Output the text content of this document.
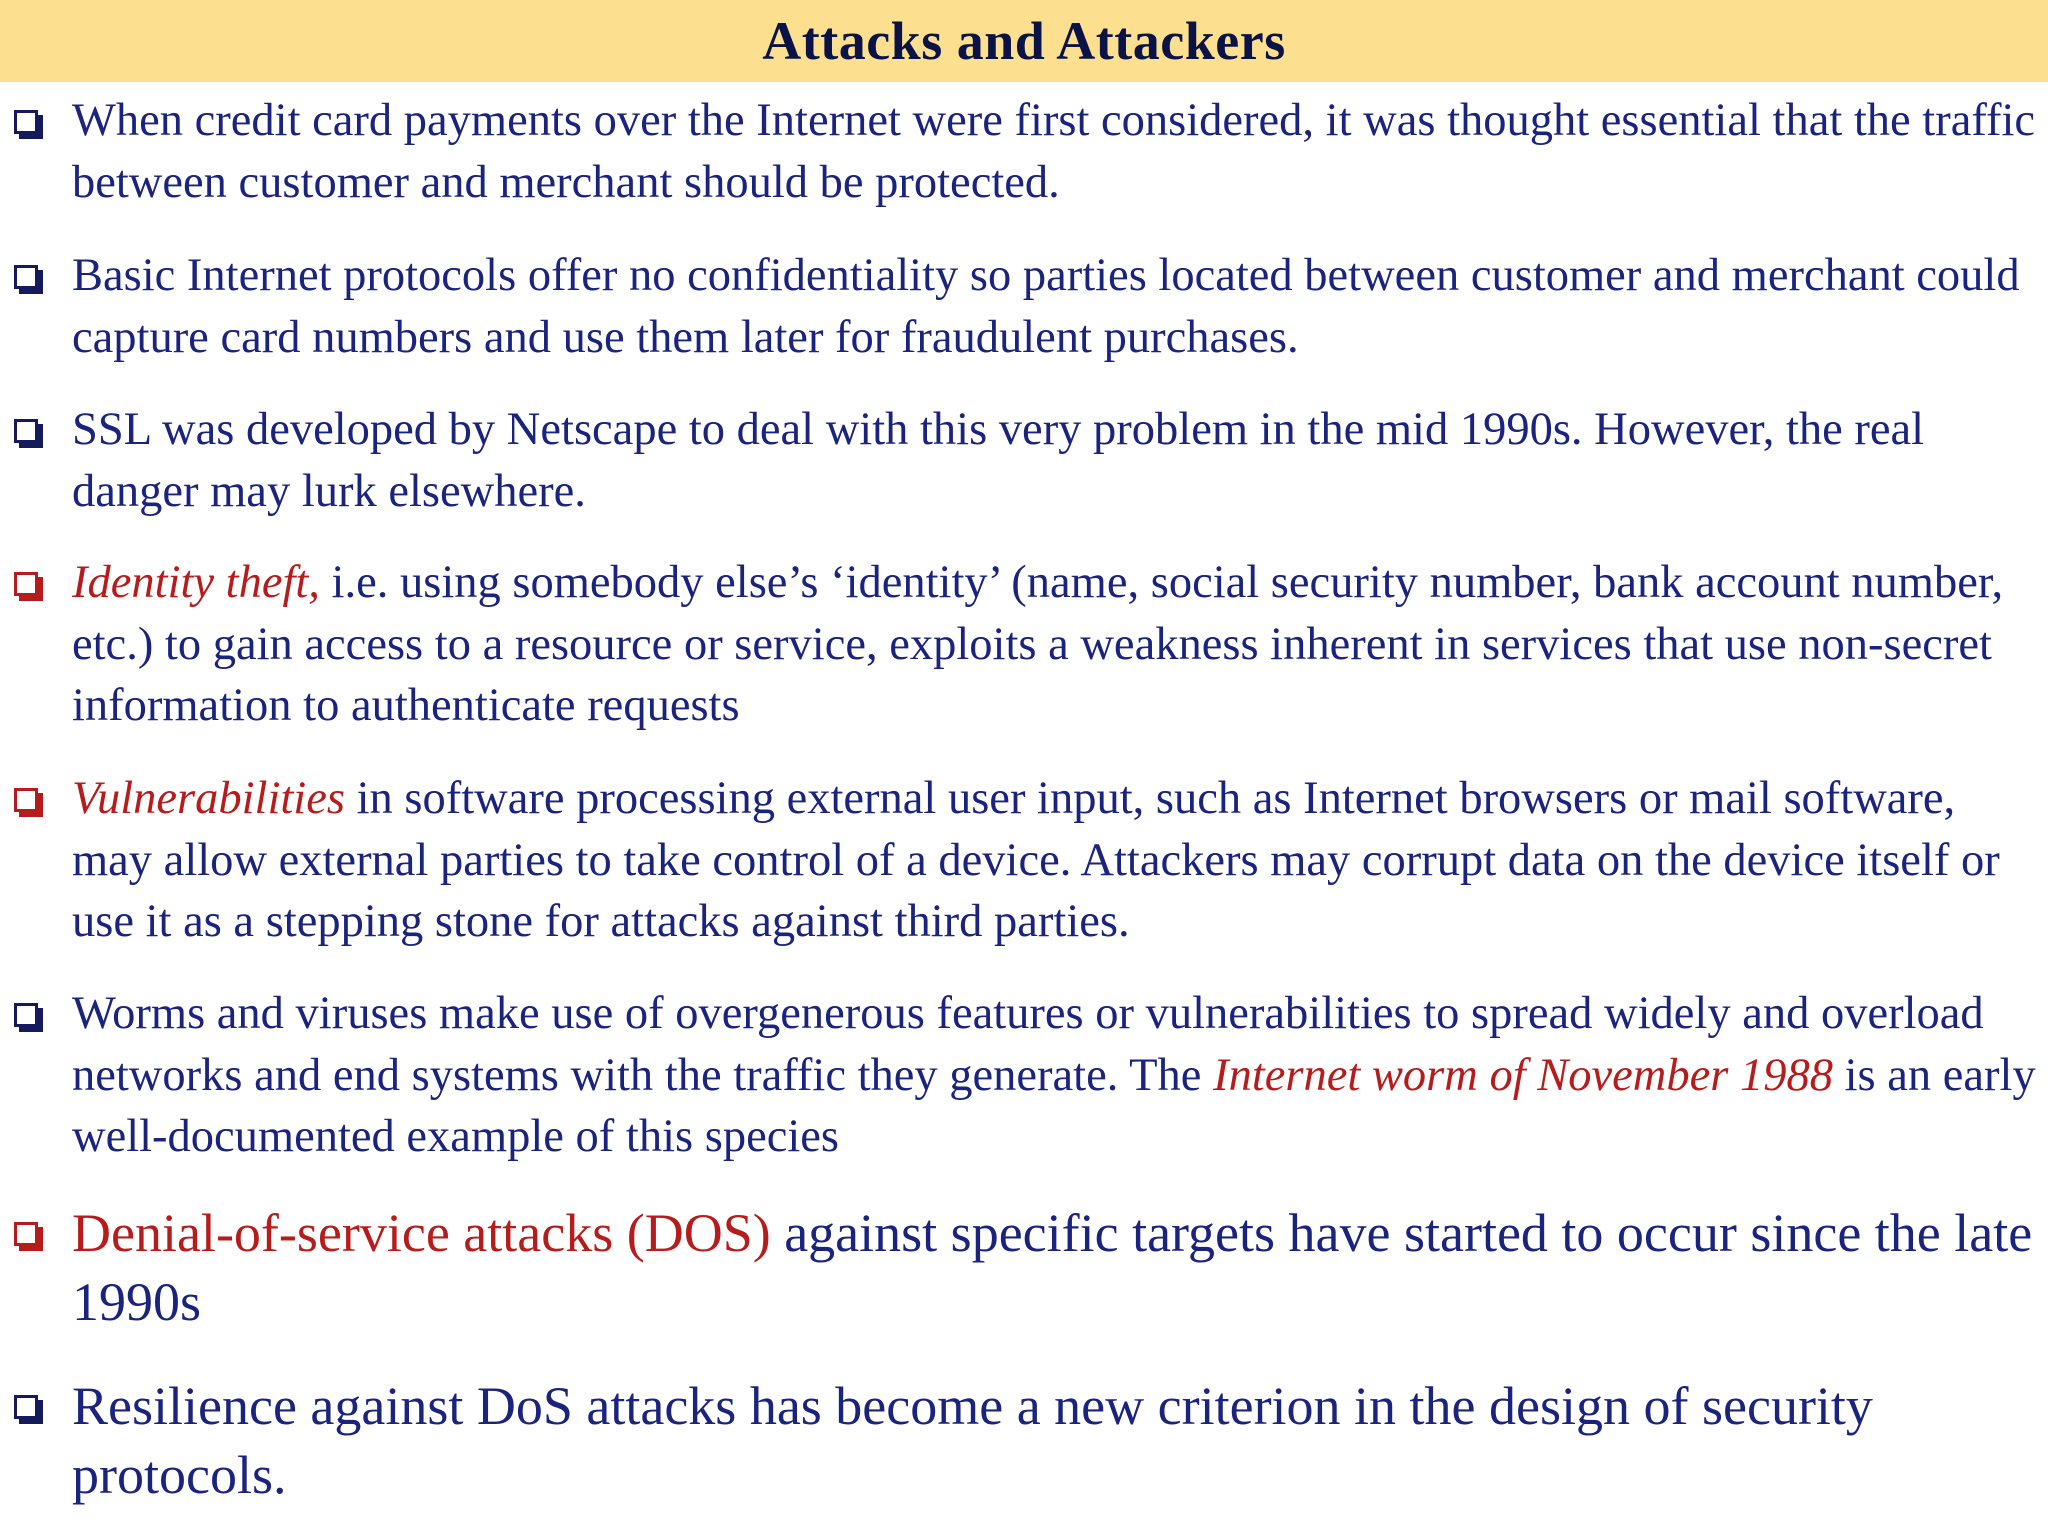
Attacks and Attackers
When credit card payments over the Internet were first considered, it was thought essential that the traffic between customer and merchant should be protected.
Basic Internet protocols offer no confidentiality so parties located between customer and merchant could capture card numbers and use them later for fraudulent purchases.
SSL was developed by Netscape to deal with this very problem in the mid 1990s. However, the real danger may lurk elsewhere.
Identity theft, i.e. using somebody else’s ‘identity’ (name, social security number, bank account number, etc.) to gain access to a resource or service, exploits a weakness inherent in services that use non-secret information to authenticate requests
Vulnerabilities in software processing external user input, such as Internet browsers or mail software, may allow external parties to take control of a device. Attackers may corrupt data on the device itself or use it as a stepping stone for attacks against third parties.
Worms and viruses make use of overgenerous features or vulnerabilities to spread widely and overload networks and end systems with the traffic they generate. The Internet worm of November 1988 is an early well-documented example of this species
Denial-of-service attacks (DOS) against specific targets have started to occur since the late 1990s
Resilience against DoS attacks has become a new criterion in the design of security protocols.
